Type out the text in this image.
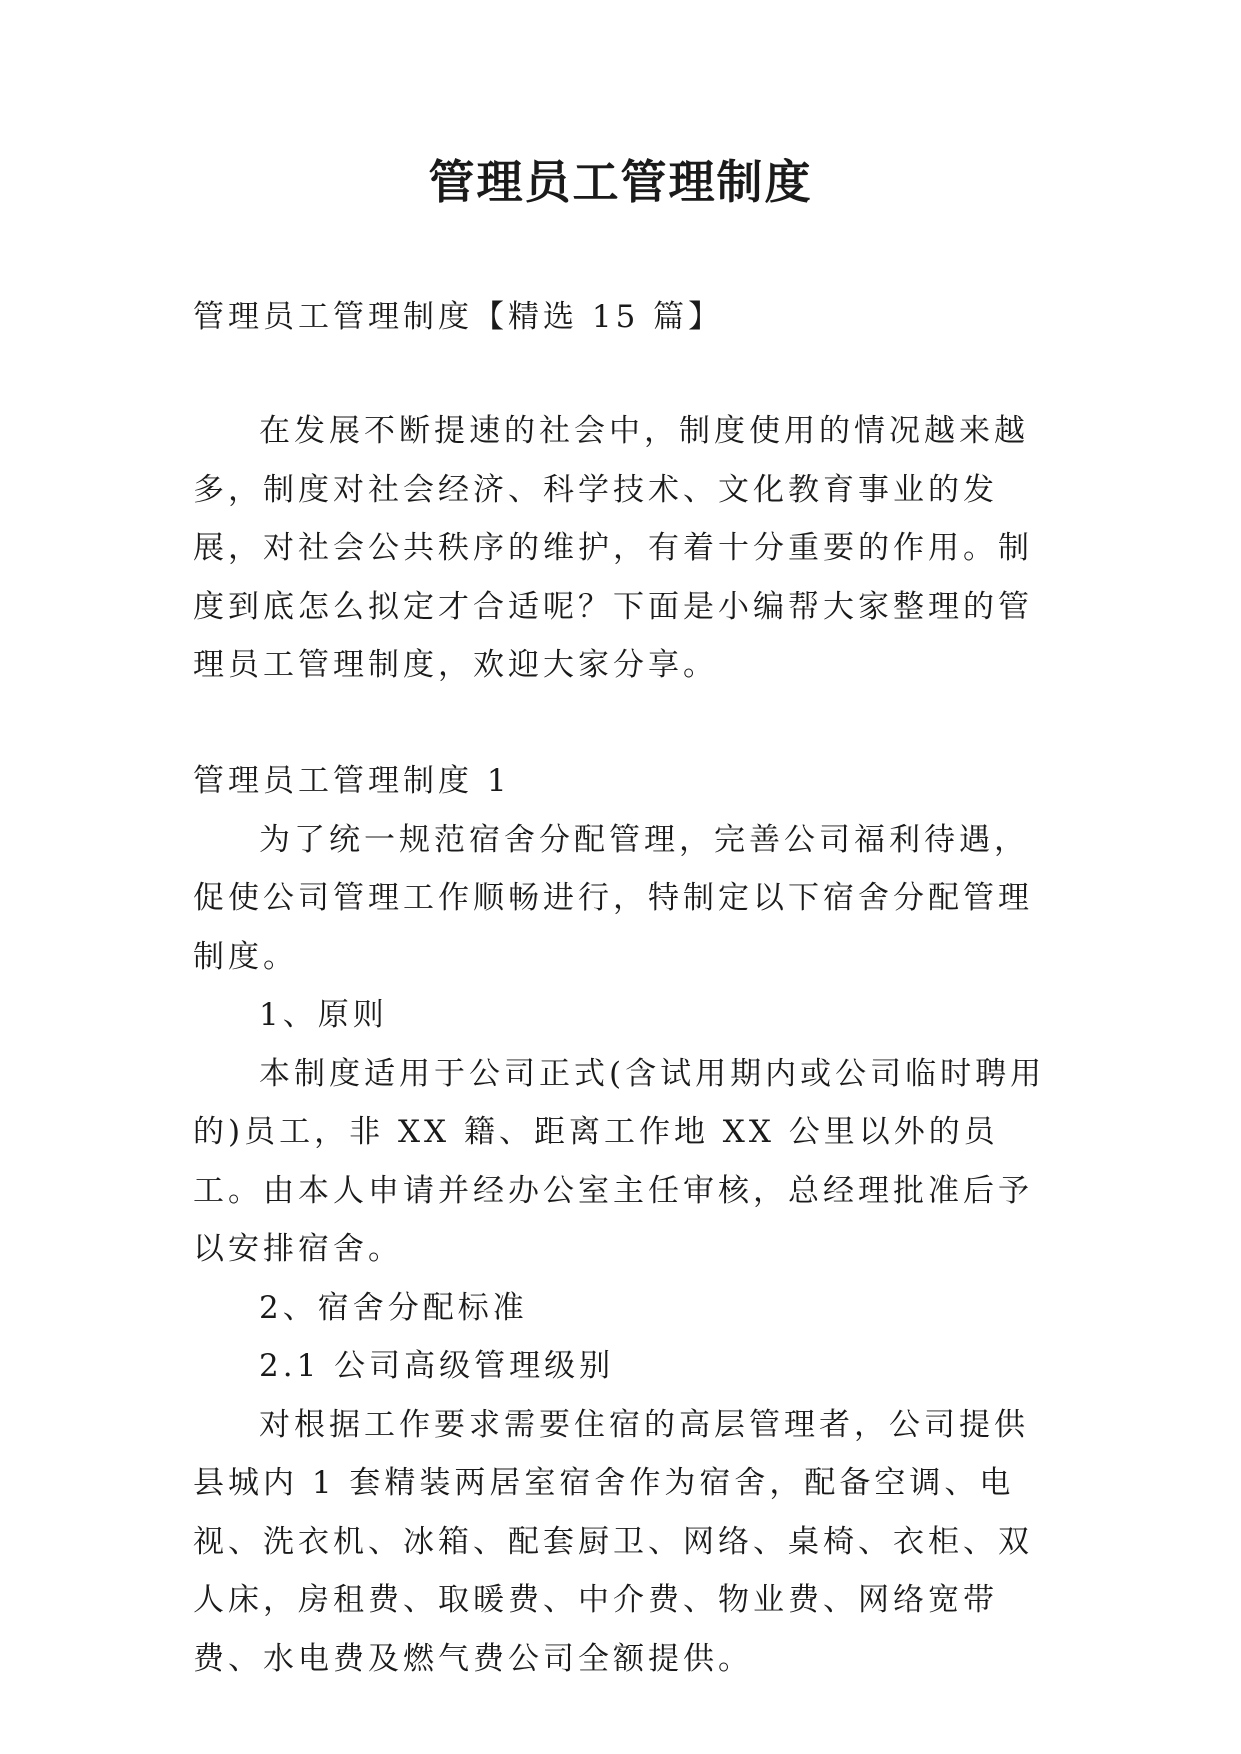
管理员工管理制度

管理员工管理制度【精选 15 篇】

在发展不断提速的社会中，制度使用的情况越来越多，制度对社会经济、科学技术、文化教育事业的发展，对社会公共秩序的维护，有着十分重要的作用。制度到底怎么拟定才合适呢？下面是小编帮大家整理的管理员工管理制度，欢迎大家分享。

管理员工管理制度 1

为了统一规范宿舍分配管理，完善公司福利待遇，促使公司管理工作顺畅进行，特制定以下宿舍分配管理制度。

1、原则

本制度适用于公司正式(含试用期内或公司临时聘用的)员工，非 XX 籍、距离工作地 XX 公里以外的员工。由本人申请并经办公室主任审核，总经理批准后予以安排宿舍。

2、宿舍分配标准

2.1 公司高级管理级别

对根据工作要求需要住宿的高层管理者，公司提供县城内 1 套精装两居室宿舍作为宿舍，配备空调、电视、洗衣机、冰箱、配套厨卫、网络、桌椅、衣柜、双人床，房租费、取暖费、中介费、物业费、网络宽带费、水电费及燃气费公司全额提供。
